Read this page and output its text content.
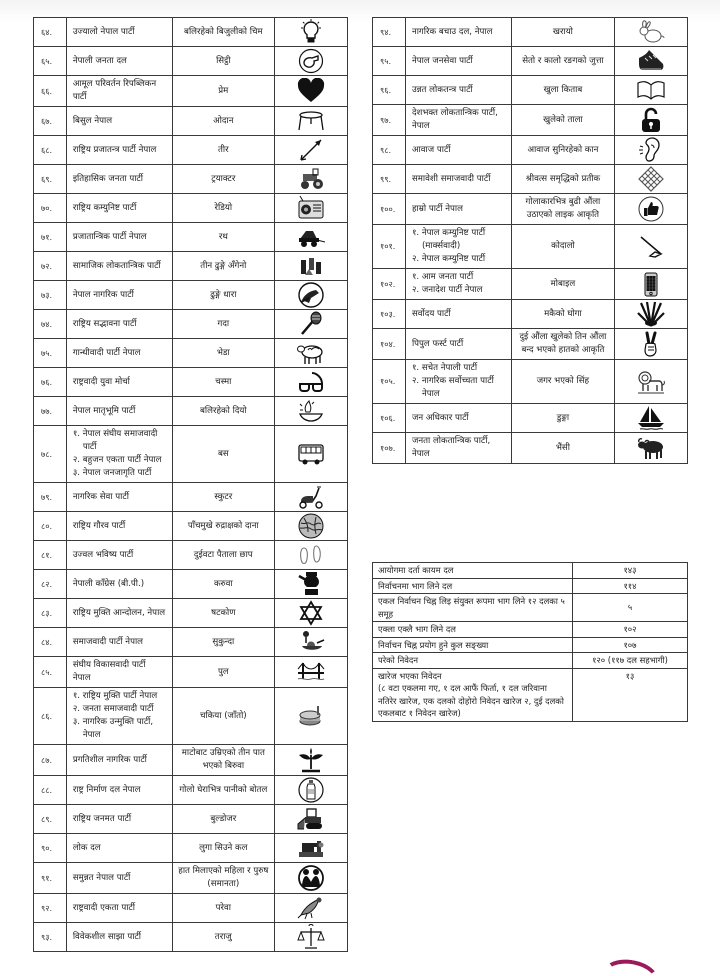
६४.	उज्यालो नेपाल पार्टी	बलिरहेको बिजुलीको चिम	

६५.	नेपाली जनता दल	सिट्ठी	

६६.	आमूल परिवर्तन रिपब्लिकन पार्टी	प्रेम	

६७.	बिसुल नेपाल	ओदान	

६८.	राष्ट्रिय प्रजातन्त्र पार्टी नेपाल	तीर	

६९.	इतिहासिक जनता पार्टी	ट्रयाक्टर	

७०.	राष्ट्रिय कम्युनिष्ट पार्टी	रेडियो	

७१.	प्रजातान्त्रिक पार्टी नेपाल	रथ	

७२.	सामाजिक लोकतान्त्रिक पार्टी	तीन ढुङ्गे अँगेनो	

७३.	नेपाल नागरिक पार्टी	ढुङ्गे धारा	

७४.	राष्ट्रिय सद्भावना पार्टी	गदा	

७५.	गान्धीवादी पार्टी नेपाल	भेडा	

७६.	राष्ट्रवादी युवा मोर्चा	चस्मा	

७७.	नेपाल मातृभूमि पार्टी	बलिरहेको दियो	

७८.	१. नेपाल संघीय समाजवादी पार्टी
२. बहुजन एकता पार्टी नेपाल
३. नेपाल जनजागृति पार्टी	बस	

७९.	नागरिक सेवा पार्टी	स्कुटर	

८०.	राष्ट्रिय गौरव पार्टी	पाँचमुखे रुद्राक्षको दाना	

८१.	उज्वल भविष्य पार्टी	दुईवटा पैताला छाप	

८२.	नेपाली काँग्रेस (बी.पी.)	करुवा	

८३.	राष्ट्रिय मुक्ति आन्दोलन, नेपाल	षटकोण	

८४.	समाजवादी पार्टी नेपाल	सुकुन्दा	

८५.	संघीय विकासवादी पार्टी नेपाल	पुल	

८६.	१. राष्ट्रिय मुक्ति पार्टी नेपाल
२. जनता समाजवादी पार्टी
३. नागरिक उन्मुक्ति पार्टी, नेपाल	चकिया (जाँतो)	

८७.	प्रगतिशील नागरिक पार्टी	माटोबाट उम्रिएको तीन पात भएको बिरुवा	

८८.	राष्ट्र निर्माण दल नेपाल	गोलो घेराभित्र पानीको बोतल	

८९.	राष्ट्रिय जनमत पार्टी	बुल्डोजर	

९०.	लोक दल	लुगा सिउने कल	

९१.	समुन्नत नेपाल पार्टी	हात मिलाएको महिला र पुरुष (समानता)	

९२.	राष्ट्रवादी एकता पार्टी	परेवा	

९३.	विवेकशील साझा पार्टी	तराजु	
९४.	नागरिक बचाउ दल, नेपाल	खरायो	

९५.	नेपाल जनसेवा पार्टी	सेतो र कालो रङगको जुत्ता	

९६.	उन्नत लोकतन्त्र पार्टी	खुला किताब	

९७.	देशभक्त लोकतान्त्रिक पार्टी, नेपाल	खुलेको ताला	

९८.	आवाज पार्टी	आवाज सुनिरहेको कान	

९९.	समावेशी समाजवादी पार्टी	श्रीवत्स समृद्धिको प्रतीक	

१००.	हाम्रो पार्टी नेपाल	गोलाकारभित्र बुढी औंला उठाएको लाइक आकृति	

१०१.	१. नेपाल कम्युनिष्ट पार्टी (मार्क्सवादी)
२. नेपाल कम्युनिष्ट पार्टी	कोदालो	

१०२.	१. आम जनता पार्टी
२. जनादेश पार्टी नेपाल	मोबाइल	

१०३.	सर्वोदय पार्टी	मकैको घोगा	

१०४.	पिपुल फर्स्ट पार्टी	दुई औंला खुलेको तिन औंला बन्द भएको हातको आकृति	

१०५.	१. सचेत नेपाली पार्टी
२. नागरिक सर्वोच्चता पार्टी नेपाल	जगर भएको सिंह	

१०६.	जन अधिकार पार्टी	डुङ्गा	

१०७.	जनता लोकतान्त्रिक पार्टी, नेपाल	भैंसी	
आयोगमा दर्ता कायम दल	१४३

निर्वाचनमा भाग लिने दल	११४

एकल निर्वाचन चिह्न लिइ संयुक्त रूपमा भाग लिने १२ दलका ५ समूह	५

एक्ला एक्लै भाग लिने दल	१०२

निर्वाचन चिह्न प्रयोग हुने कुल सङ्ख्या	१०७

परेको निवेदन	१२० (११७ दल सहभागी)

खारेज भएका निवेदन
(८ वटा एकलमा गए, १ दल आफैं फिर्ता, १ दल जरिवाना नतिरेर खारेज, एक दलको दोहोरो निवेदन खारेज २, दुई दलको एकलबाट १ निवेदन खारेज)	१३
